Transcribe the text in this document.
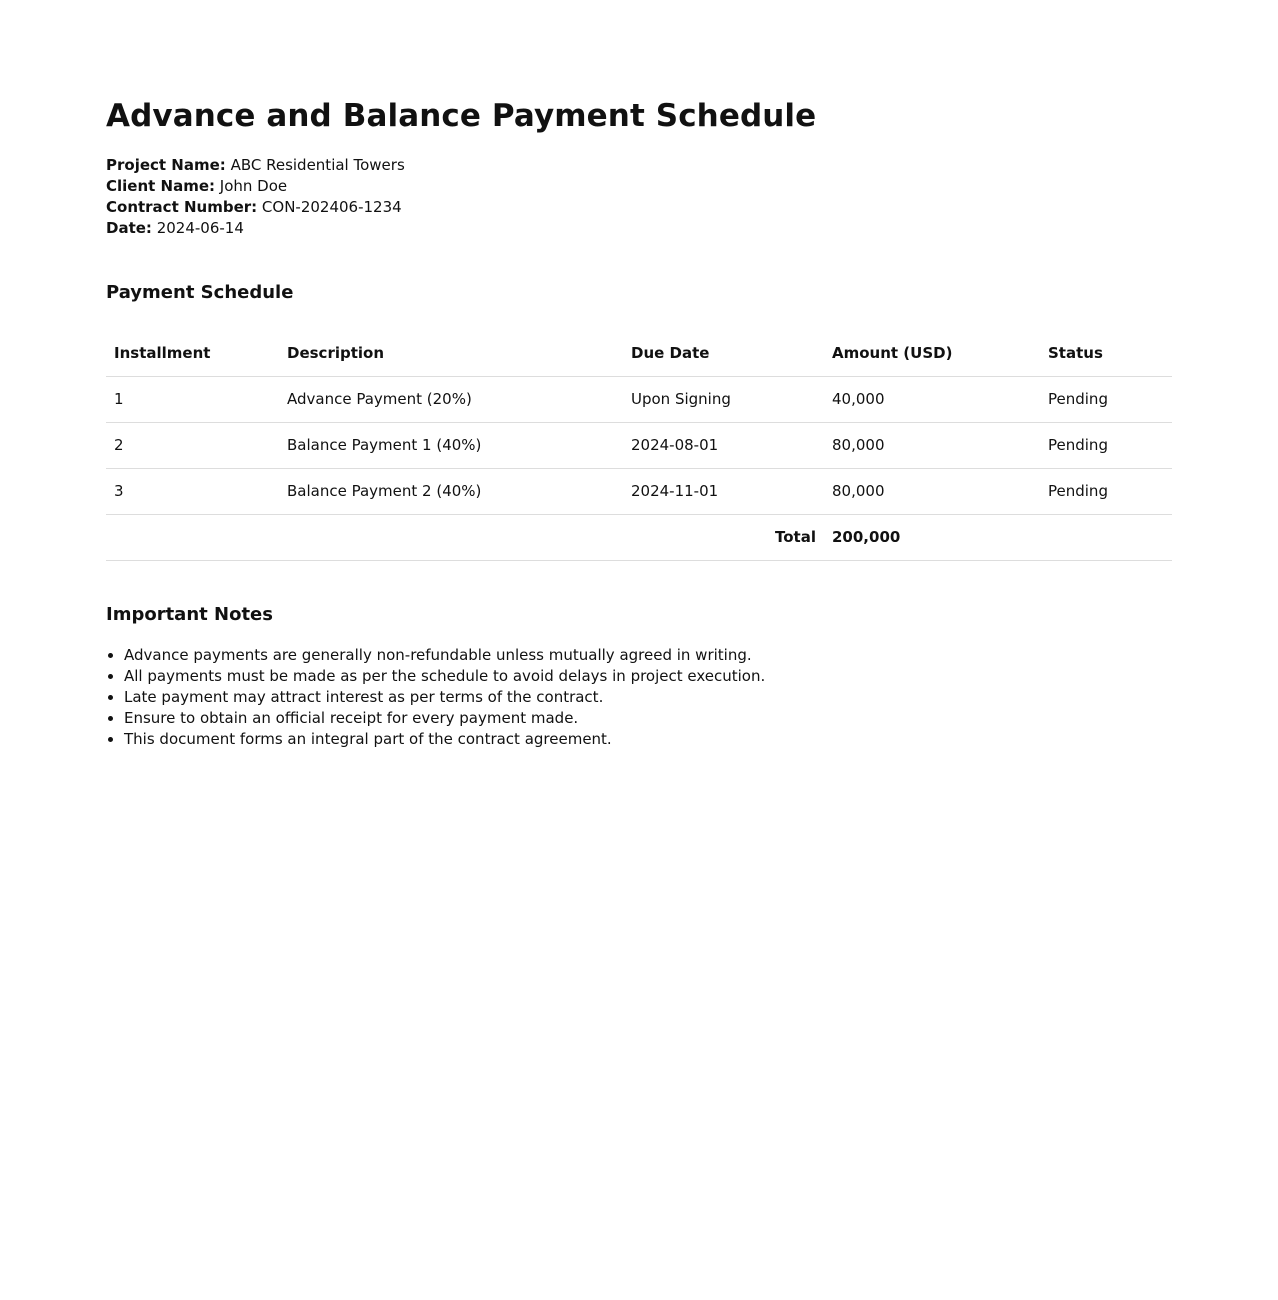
Advance and Balance Payment Schedule
Project Name: ABC Residential Towers
Client Name: John Doe
Contract Number: CON-202406-1234
Date: 2024-06-14
Payment Schedule
Installment	Description	Due Date	Amount (USD)	Status
1	Advance Payment (20%)	Upon Signing	40,000	Pending
2	Balance Payment 1 (40%)	2024-08-01	80,000	Pending
3	Balance Payment 2 (40%)	2024-11-01	80,000	Pending
Total			200,000	
Important Notes
• Advance payments are generally non-refundable unless mutually agreed in writing.
• All payments must be made as per the schedule to avoid delays in project execution.
• Late payment may attract interest as per terms of the contract.
• Ensure to obtain an official receipt for every payment made.
• This document forms an integral part of the contract agreement.
